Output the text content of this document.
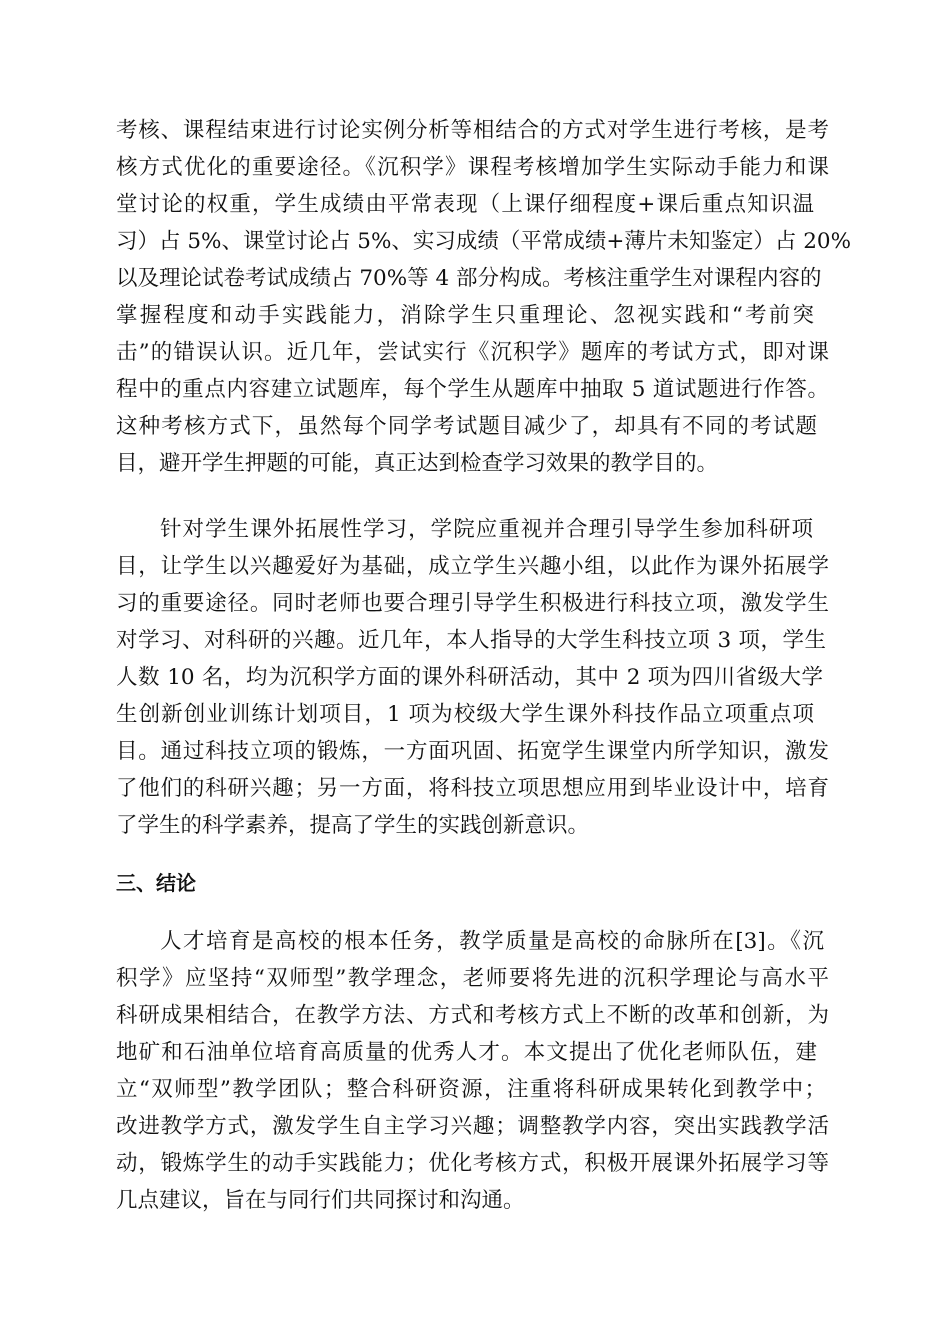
考核、课程结束进行讨论实例分析等相结合的方式对学生进行考核，是考
核方式优化的重要途径。《沉积学》课程考核增加学生实际动手能力和课
堂讨论的权重，学生成绩由平常表现（上课仔细程度+课后重点知识温
习）占 5%、课堂讨论占 5%、实习成绩（平常成绩+薄片未知鉴定）占 20%
以及理论试卷考试成绩占 70%等 4 部分构成。考核注重学生对课程内容的
掌握程度和动手实践能力，消除学生只重理论、忽视实践和“考前突
击”的错误认识。近几年，尝试实行《沉积学》题库的考试方式，即对课
程中的重点内容建立试题库，每个学生从题库中抽取 5 道试题进行作答。
这种考核方式下，虽然每个同学考试题目减少了，却具有不同的考试题
目，避开学生押题的可能，真正达到检查学习效果的教学目的。
针对学生课外拓展性学习，学院应重视并合理引导学生参加科研项
目，让学生以兴趣爱好为基础，成立学生兴趣小组，以此作为课外拓展学
习的重要途径。同时老师也要合理引导学生积极进行科技立项，激发学生
对学习、对科研的兴趣。近几年，本人指导的大学生科技立项 3 项，学生
人数 10 名，均为沉积学方面的课外科研活动，其中 2 项为四川省级大学
生创新创业训练计划项目，1 项为校级大学生课外科技作品立项重点项
目。通过科技立项的锻炼，一方面巩固、拓宽学生课堂内所学知识，激发
了他们的科研兴趣；另一方面，将科技立项思想应用到毕业设计中，培育
了学生的科学素养，提高了学生的实践创新意识。
三、结论
人才培育是高校的根本任务，教学质量是高校的命脉所在[3]。《沉
积学》应坚持“双师型”教学理念，老师要将先进的沉积学理论与高水平
科研成果相结合，在教学方法、方式和考核方式上不断的改革和创新，为
地矿和石油单位培育高质量的优秀人才。本文提出了优化老师队伍，建
立“双师型”教学团队；整合科研资源，注重将科研成果转化到教学中；
改进教学方式，激发学生自主学习兴趣；调整教学内容，突出实践教学活
动，锻炼学生的动手实践能力；优化考核方式，积极开展课外拓展学习等
几点建议，旨在与同行们共同探讨和沟通。
